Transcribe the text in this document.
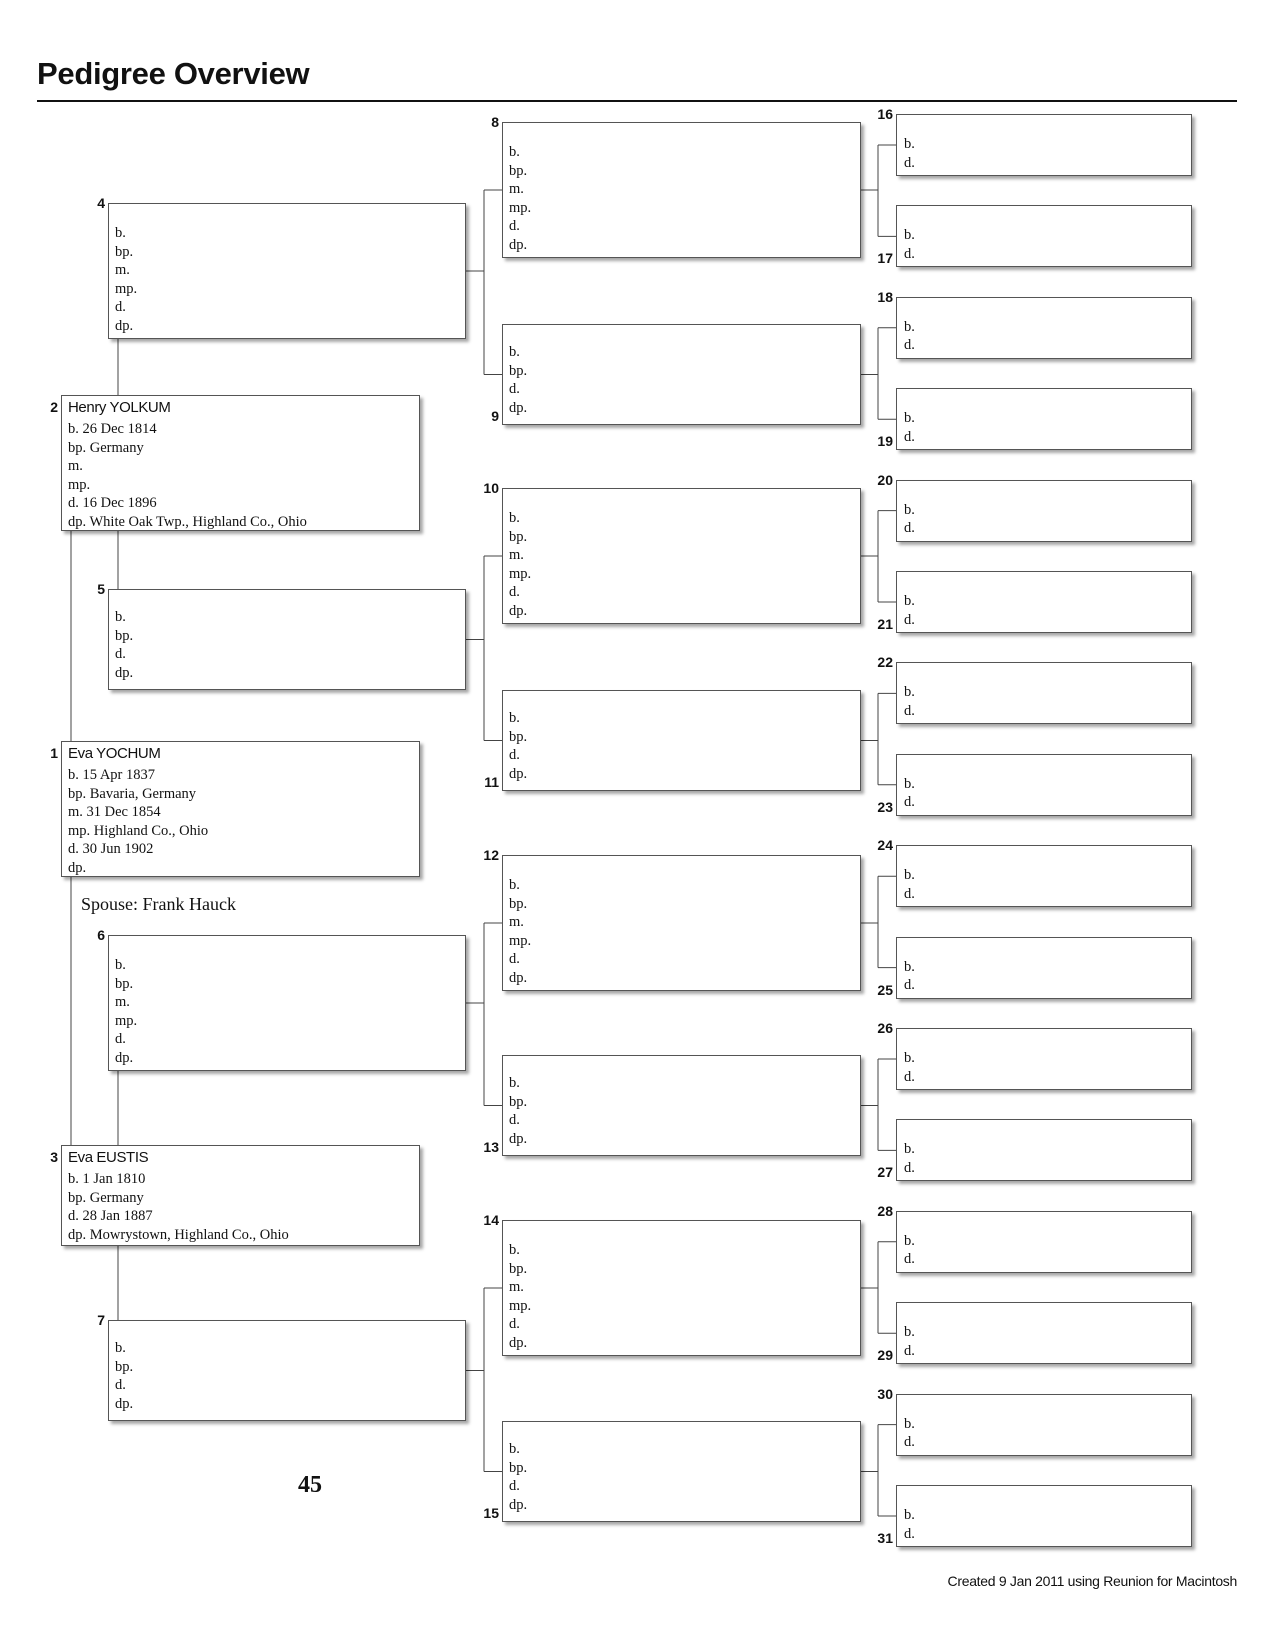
Pedigree Overview
Eva YOCHUM
b. 15 Apr 1837
bp. Bavaria, Germany
m. 31 Dec 1854
mp. Highland Co., Ohio
d. 30 Jun 1902
dp.
1
Henry YOLKUM
b. 26 Dec 1814
bp. Germany
m.
mp.
d. 16 Dec 1896
dp. White Oak Twp., Highland Co., Ohio
2
Eva EUSTIS
b. 1 Jan 1810
bp. Germany
d. 28 Jan 1887
dp. Mowrystown, Highland Co., Ohio
3
b.
bp.
m.
mp.
d.
dp.
4
b.
bp.
d.
dp.
5
b.
bp.
m.
mp.
d.
dp.
6
b.
bp.
d.
dp.
7
b.
bp.
m.
mp.
d.
dp.
8
b.
bp.
d.
dp.
9
b.
bp.
m.
mp.
d.
dp.
10
b.
bp.
d.
dp.
11
b.
bp.
m.
mp.
d.
dp.
12
b.
bp.
d.
dp.
13
b.
bp.
m.
mp.
d.
dp.
14
b.
bp.
d.
dp.
15
b.
d.
16
b.
d.
17
b.
d.
18
b.
d.
19
b.
d.
20
b.
d.
21
b.
d.
22
b.
d.
23
b.
d.
24
b.
d.
25
b.
d.
26
b.
d.
27
b.
d.
28
b.
d.
29
b.
d.
30
b.
d.
31
Spouse: Frank Hauck
45
Created 9 Jan 2011 using Reunion for Macintosh
